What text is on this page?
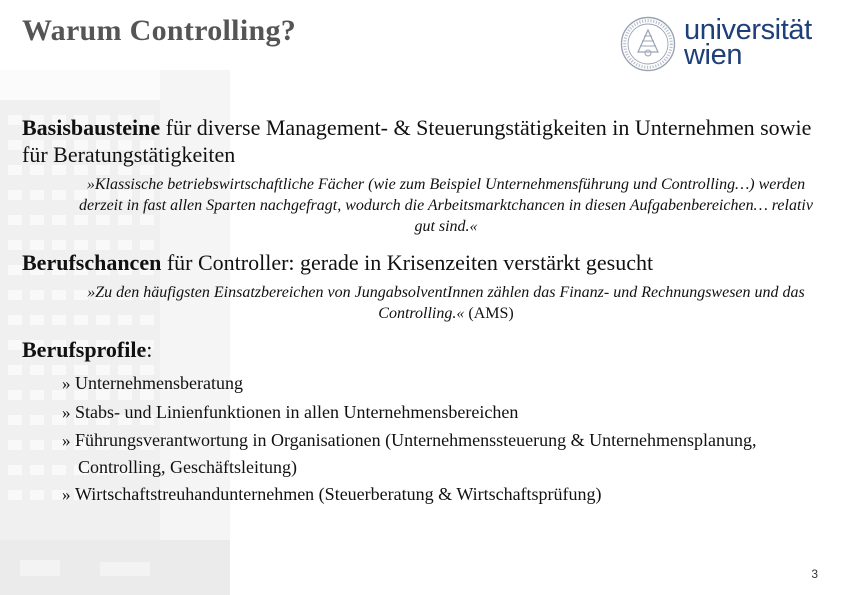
Warum Controlling?	universität
wien

Basisbausteine für diverse Management- & Steuerungstätigkeiten in Unternehmen sowie für Beratungstätigkeiten

»Klassische betriebswirtschaftliche Fächer (wie zum Beispiel Unternehmensführung und Controlling…) werden derzeit in fast allen Sparten nachgefragt, wodurch die Arbeitsmarktchancen in diesen Aufgabenbereichen… relativ gut sind.«

Berufschancen für Controller: gerade in Krisenzeiten verstärkt gesucht

»Zu den häufigsten Einsatzbereichen von JungabsolventInnen zählen das Finanz- und Rechnungswesen und das Controlling.« (AMS)

Berufsprofile:

» Unternehmensberatung
» Stabs- und Linienfunktionen in allen Unternehmensbereichen
» Führungsverantwortung in Organisationen (Unternehmenssteuerung & Unternehmensplanung, Controlling, Geschäftsleitung)
» Wirtschaftstreuhandunternehmen (Steuerberatung & Wirtschaftsprüfung)
3
